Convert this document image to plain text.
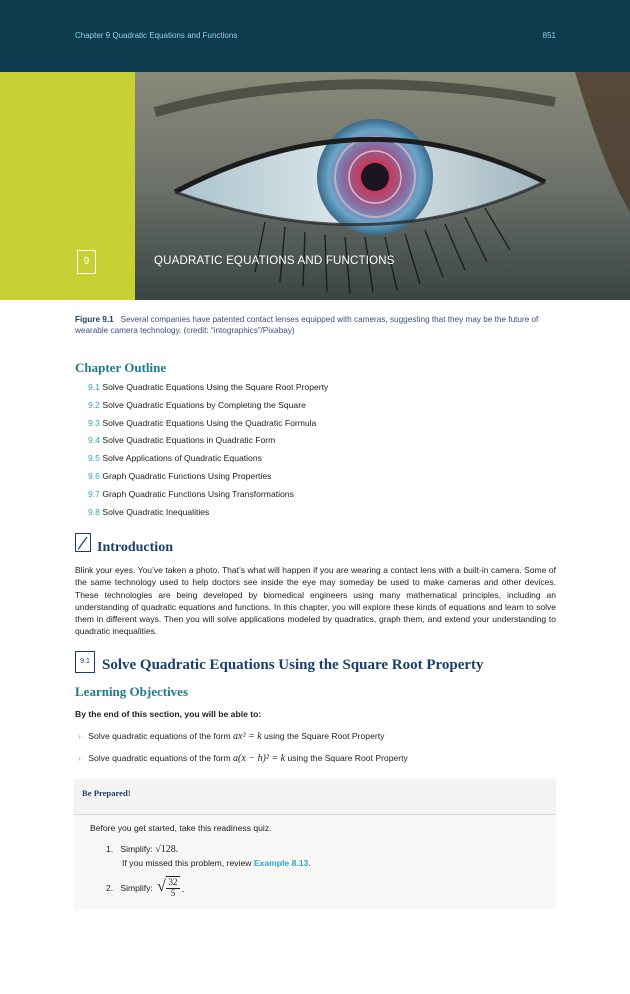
Chapter 9 Quadratic Equations and Functions	851
9	QUADRATIC EQUATIONS AND FUNCTIONS
Figure 9.1 Several companies have patented contact lenses equipped with cameras, suggesting that they may be the future of wearable camera technology. (credit: “intographics”/Pixabay)
Chapter Outline
9.1 Solve Quadratic Equations Using the Square Root Property
9.2 Solve Quadratic Equations by Completing the Square
9.3 Solve Quadratic Equations Using the Quadratic Formula
9.4 Solve Quadratic Equations in Quadratic Form
9.5 Solve Applications of Quadratic Equations
9.6 Graph Quadratic Functions Using Properties
9.7 Graph Quadratic Functions Using Transformations
9.8 Solve Quadratic Inequalities
Introduction
Blink your eyes. You’ve taken a photo. That’s what will happen if you are wearing a contact lens with a built-in camera. Some of the same technology used to help doctors see inside the eye may someday be used to make cameras and other devices. These technologies are being developed by biomedical engineers using many mathematical principles, including an understanding of quadratic equations and functions. In this chapter, you will explore these kinds of equations and learn to solve them in different ways. Then you will solve applications modeled by quadratics, graph them, and extend your understanding to quadratic inequalities.
9.1 Solve Quadratic Equations Using the Square Root Property
Learning Objectives
By the end of this section, you will be able to:
› Solve quadratic equations of the form ax² = k using the Square Root Property
› Solve quadratic equations of the form a(x − h)² = k using the Square Root Property
Be Prepared!
Before you get started, take this readiness quiz.
1. Simplify: √128.
If you missed this problem, review Example 8.13.
2. Simplify: √ 32
5 .
